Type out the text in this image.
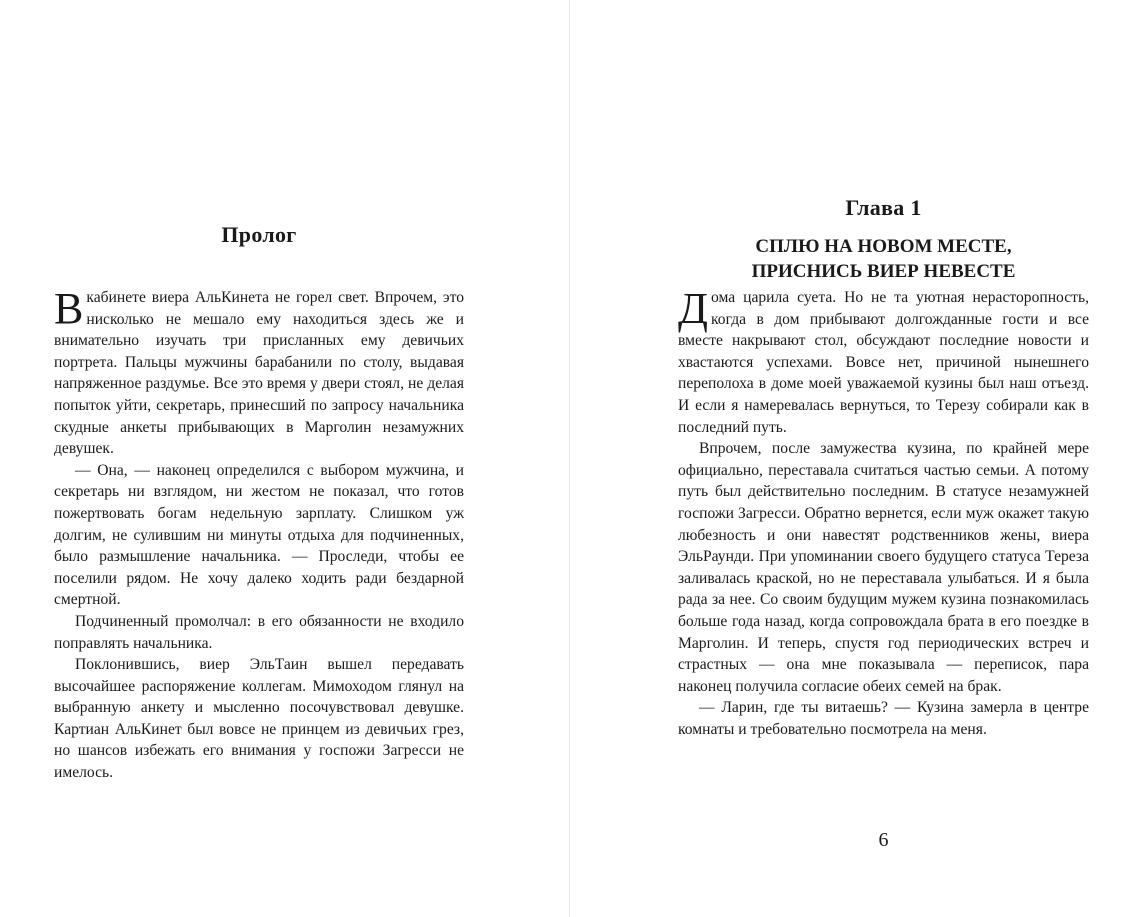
Пролог

В кабинете виера АльКинета не горел свет. Впрочем, это нисколько не мешало ему находиться здесь же и внимательно изучать три присланных ему девичьих портрета. Пальцы мужчины барабанили по столу, выдавая напряженное раздумье. Все это время у двери стоял, не делая попыток уйти, секретарь, принесший по запросу начальника скудные анкеты прибывающих в Марголин незамужних девушек.

— Она, — наконец определился с выбором мужчина, и секретарь ни взглядом, ни жестом не показал, что готов пожертвовать богам недельную зарплату. Слишком уж долгим, не сулившим ни минуты отдыха для подчиненных, было размышление начальника. — Проследи, чтобы ее поселили рядом. Не хочу далеко ходить ради бездарной смертной.

Подчиненный промолчал: в его обязанности не входило поправлять начальника.

Поклонившись, виер ЭльТаин вышел передавать высочайшее распоряжение коллегам. Мимоходом глянул на выбранную анкету и мысленно посочувствовал девушке. Картиан АльКинет был вовсе не принцем из девичьих грез, но шансов избежать его внимания у госпожи Загресси не имелось.

Глава 1
СПЛЮ НА НОВОМ МЕСТЕ,
ПРИСНИСЬ ВИЕР НЕВЕСТЕ

Дома царила суета. Но не та уютная нерасторопность, когда в дом прибывают долгожданные гости и все вместе накрывают стол, обсуждают последние новости и хвастаются успехами. Вовсе нет, причиной нынешнего переполоха в доме моей уважаемой кузины был наш отъезд. И если я намеревалась вернуться, то Терезу собирали как в последний путь.

Впрочем, после замужества кузина, по крайней мере официально, переставала считаться частью семьи. А потому путь был действительно последним. В статусе незамужней госпожи Загресси. Обратно вернется, если муж окажет такую любезность и они навестят родственников жены, виера ЭльРаунди. При упоминании своего будущего статуса Тереза заливалась краской, но не переставала улыбаться. И я была рада за нее. Со своим будущим мужем кузина познакомилась больше года назад, когда сопровождала брата в его поездке в Марголин. И теперь, спустя год периодических встреч и страстных — она мне показывала — переписок, пара наконец получила согласие обеих семей на брак.

— Ларин, где ты витаешь? — Кузина замерла в центре комнаты и требовательно посмотрела на меня.

6
